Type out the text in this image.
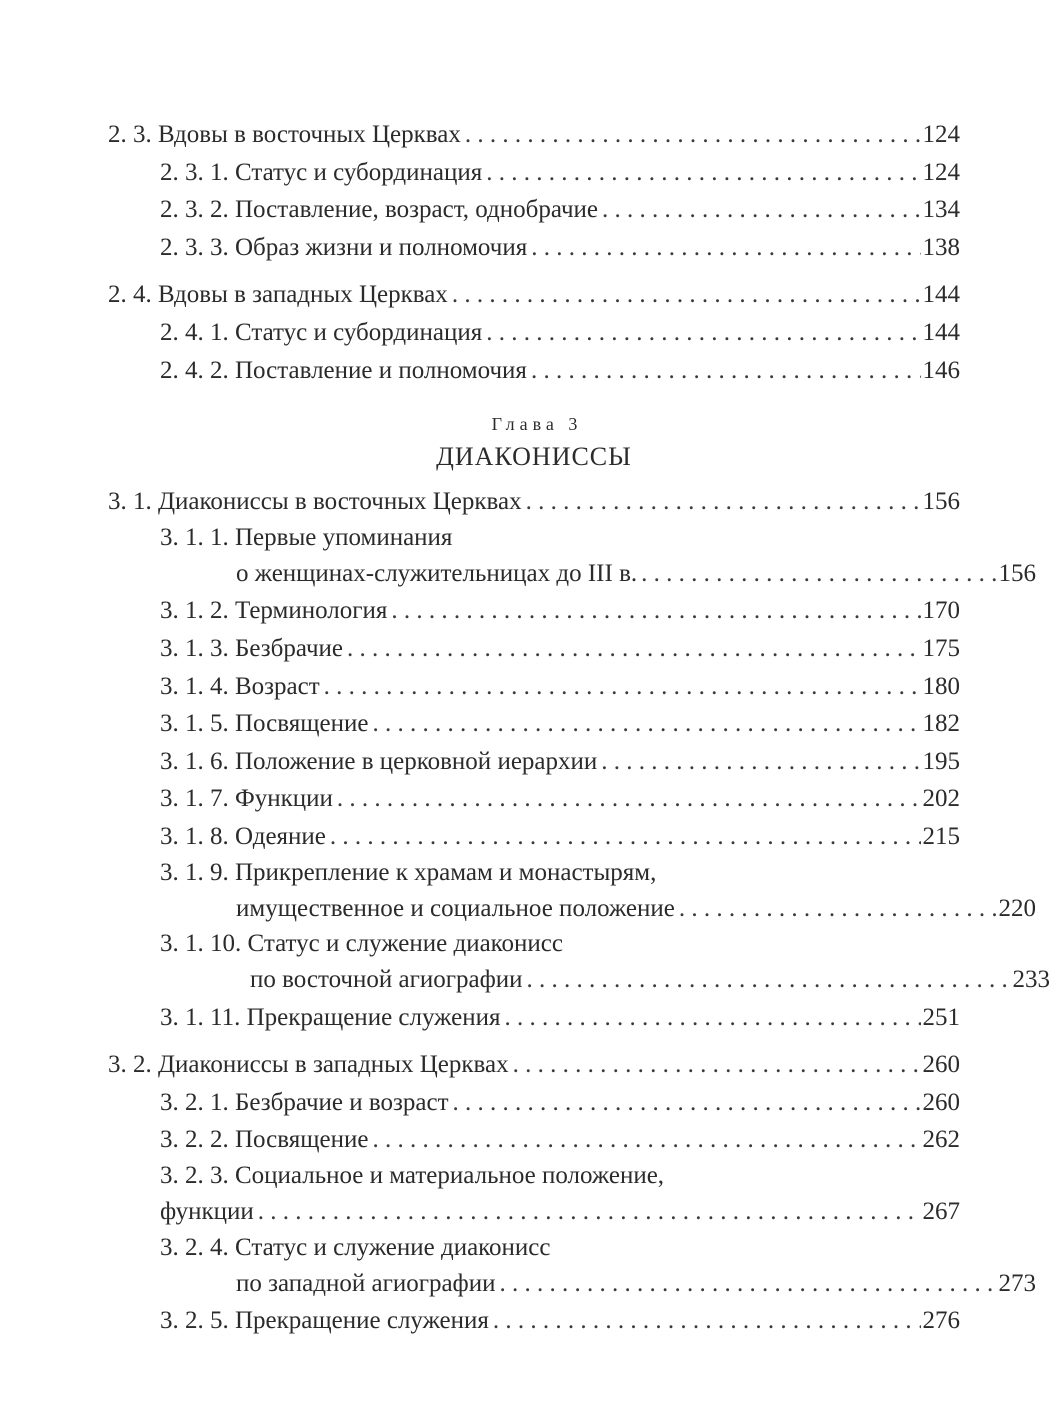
2. 3. Вдовы в восточных Церквах . . .	124
2. 3. 1. Статус и субординация . . .	124
2. 3. 2. Поставление, возраст, однобрачие . . .	134
2. 3. 3. Образ жизни и полномочия . . .	138
2. 4. Вдовы в западных Церквах . . .	144
2. 4. 1. Статус и субординация . . .	144
2. 4. 2. Поставление и полномочия . . .	146
Глава 3
ДИАКОНИССЫ
3. 1. Диакониссы в восточных Церквах . . .	156
3. 1. 1. Первые упоминания
о женщинах-служительницах до III в. . . .	156
3. 1. 2. Терминология . . .	170
3. 1. 3. Безбрачие . . .	175
3. 1. 4. Возраст . . .	180
3. 1. 5. Посвящение . . .	182
3. 1. 6. Положение в церковной иерархии . . .	195
3. 1. 7. Функции . . .	202
3. 1. 8. Одеяние . . .	215
3. 1. 9. Прикрепление к храмам и монастырям,
имущественное и социальное положение . . .	220
3. 1. 10. Статус и служение диаконисс
по восточной агиографии . . .	233
3. 1. 11. Прекращение служения . . .	251
3. 2. Диакониссы в западных Церквах . . .	260
3. 2. 1. Безбрачие и возраст . . .	260
3. 2. 2. Посвящение . . .	262
3. 2. 3. Социальное и материальное положение,
функции . . .	267
3. 2. 4. Статус и служение диаконисс
по западной агиографии . . .	273
3. 2. 5. Прекращение служения . . .	276
